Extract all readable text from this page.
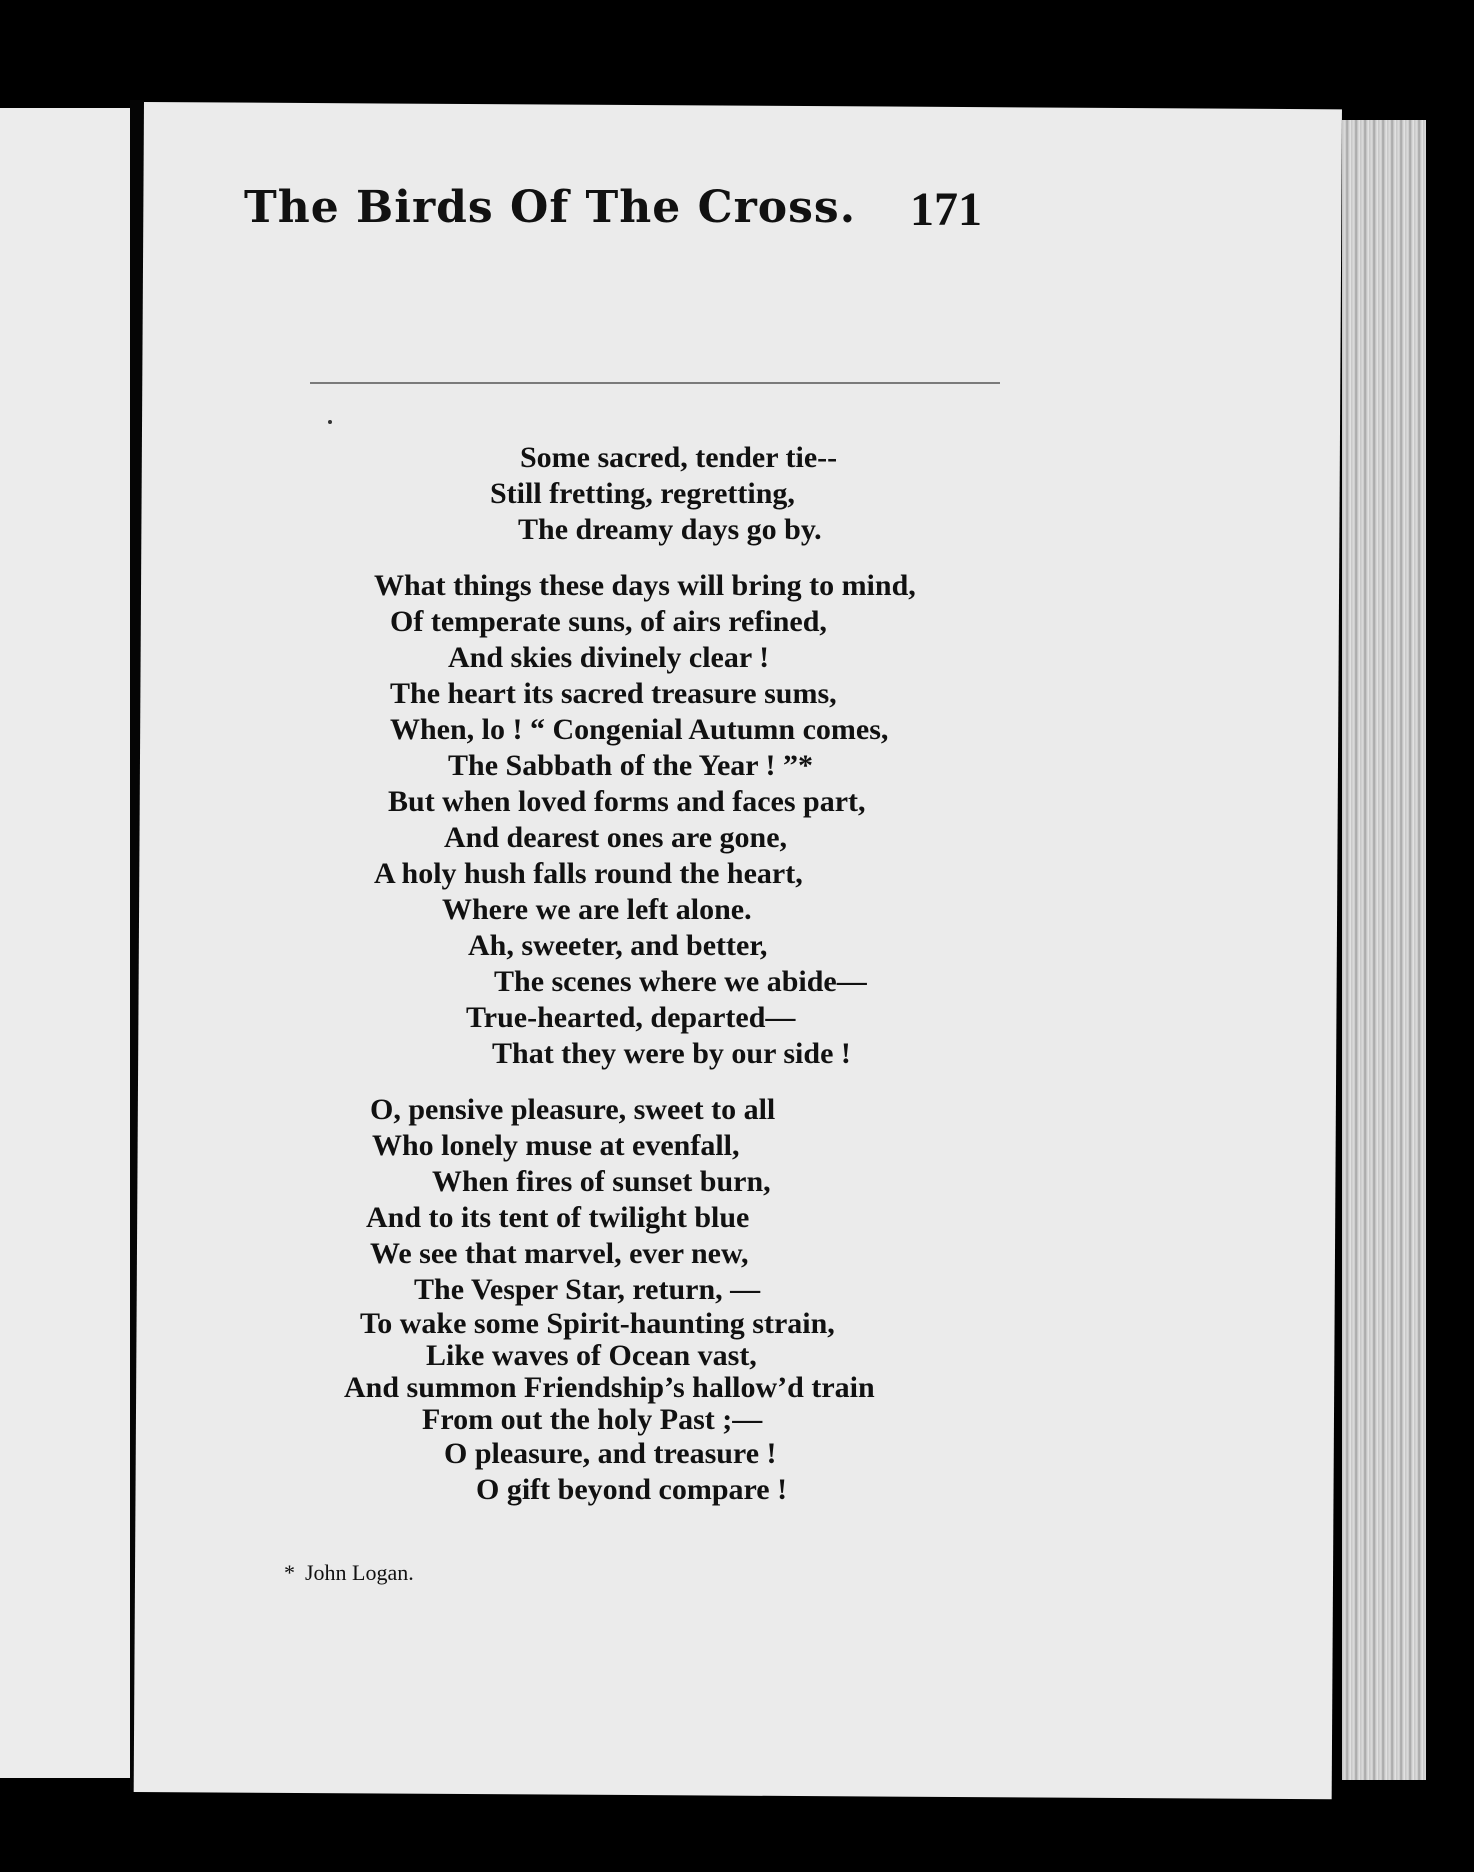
The Birds Of The Cross. 171
Some sacred, tender tie--
Still fretting, regretting,
The dreamy days go by.
What things these days will bring to mind,
Of temperate suns, of airs refined,
And skies divinely clear !
The heart its sacred treasure sums,
When, lo ! “ Congenial Autumn comes,
The Sabbath of the Year ! ”*
But when loved forms and faces part,
And dearest ones are gone,
A holy hush falls round the heart,
Where we are left alone.
Ah, sweeter, and better,
The scenes where we abide—
True-hearted, departed—
That they were by our side !
O, pensive pleasure, sweet to all
Who lonely muse at evenfall,
When fires of sunset burn,
And to its tent of twilight blue
We see that marvel, ever new,
The Vesper Star, return, —
To wake some Spirit-haunting strain,
Like waves of Ocean vast,
And summon Friendship’s hallow’d train
From out the holy Past ;—
O pleasure, and treasure !
O gift beyond compare !
* John Logan.
